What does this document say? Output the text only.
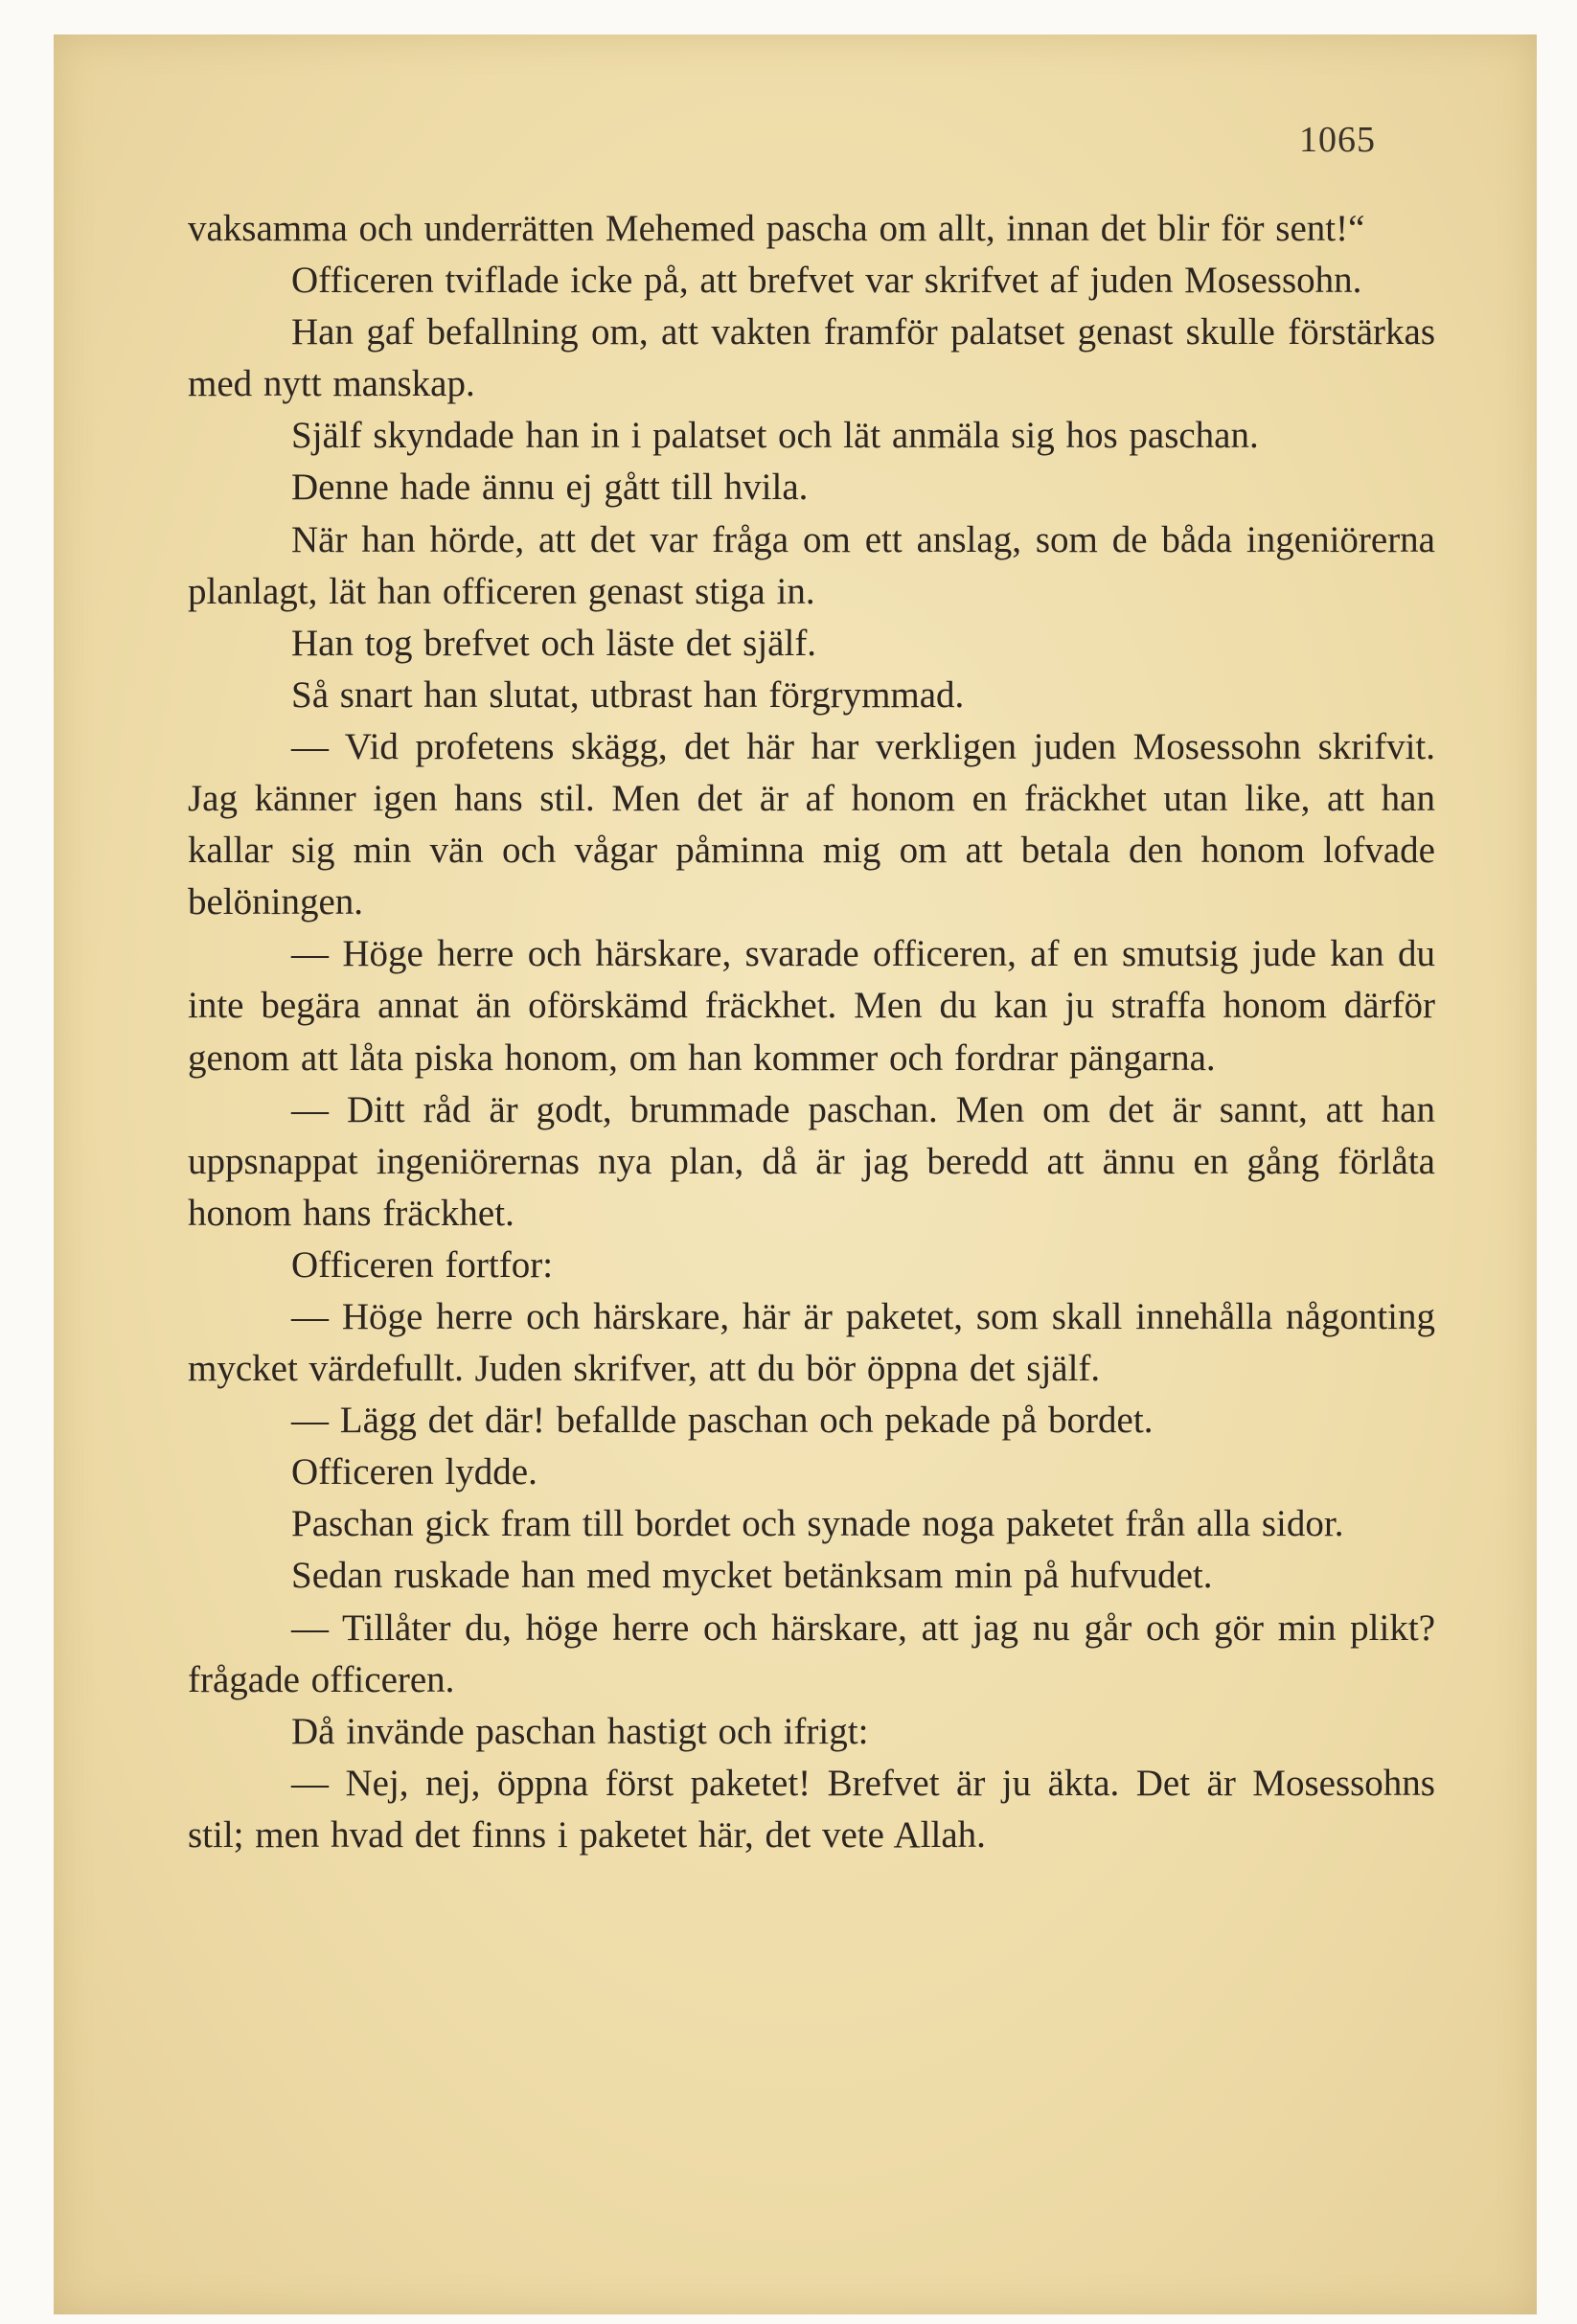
1065

vaksamma och underrätten Mehemed pascha om allt, innan det blir för sent!“

Officeren tviflade icke på, att brefvet var skrifvet af juden Mosessohn.

Han gaf befallning om, att vakten framför palatset genast skulle förstärkas med nytt manskap.

Själf skyndade han in i palatset och lät anmäla sig hos paschan.

Denne hade ännu ej gått till hvila.

När han hörde, att det var fråga om ett anslag, som de båda ingeniörerna planlagt, lät han officeren genast stiga in.

Han tog brefvet och läste det själf.

Så snart han slutat, utbrast han förgrymmad.

— Vid profetens skägg, det här har verkligen juden Mosessohn skrifvit. Jag känner igen hans stil. Men det är af honom en fräckhet utan like, att han kallar sig min vän och vågar påminna mig om att betala den honom lofvade belöningen.

— Höge herre och härskare, svarade officeren, af en smutsig jude kan du inte begära annat än oförskämd fräckhet. Men du kan ju straffa honom därför genom att låta piska honom, om han kommer och fordrar pängarna.

— Ditt råd är godt, brummade paschan. Men om det är sannt, att han uppsnappat ingeniörernas nya plan, då är jag beredd att ännu en gång förlåta honom hans fräckhet.

Officeren fortfor:

— Höge herre och härskare, här är paketet, som skall innehålla någonting mycket värdefullt. Juden skrifver, att du bör öppna det själf.

— Lägg det där! befallde paschan och pekade på bordet.

Officeren lydde.

Paschan gick fram till bordet och synade noga paketet från alla sidor.

Sedan ruskade han med mycket betänksam min på hufvudet.

— Tillåter du, höge herre och härskare, att jag nu går och gör min plikt? frågade officeren.

Då invände paschan hastigt och ifrigt:

— Nej, nej, öppna först paketet! Brefvet är ju äkta. Det är Mosessohns stil; men hvad det finns i paketet här, det vete Allah.
